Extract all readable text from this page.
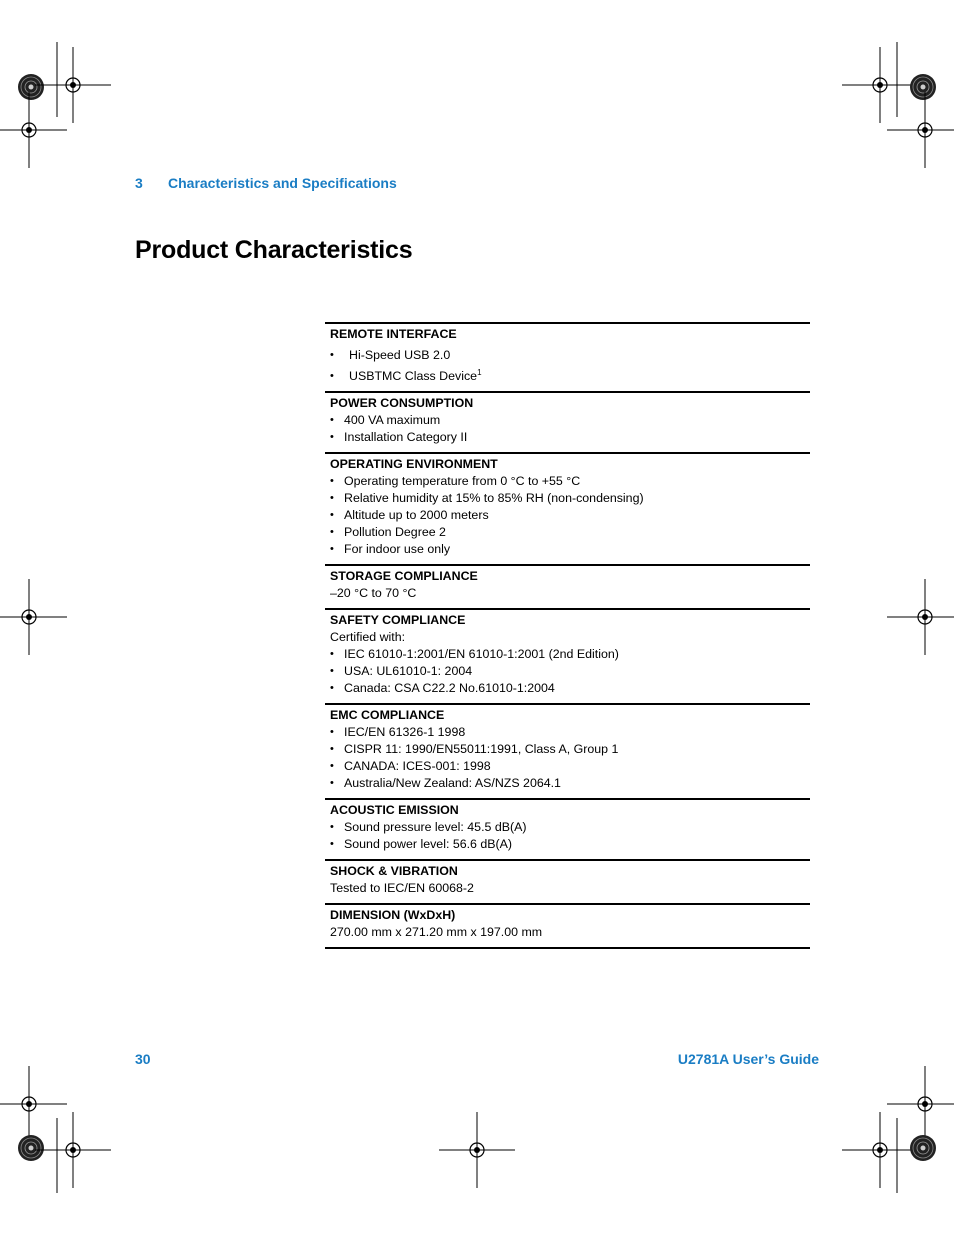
3 Characteristics and Specifications
Product Characteristics
REMOTE INTERFACE
• Hi-Speed USB 2.0
• USBTMC Class Device$^1$
POWER CONSUMPTION
• 400 VA maximum
• Installation Category II
OPERATING ENVIRONMENT
• Operating temperature from 0 °C to +55 °C
• Relative humidity at 15% to 85% RH (non-condensing)
• Altitude up to 2000 meters
• Pollution Degree 2
• For indoor use only
STORAGE COMPLIANCE
–20 °C to 70 °C
SAFETY COMPLIANCE
Certified with:
• IEC 61010-1:2001/EN 61010-1:2001 (2nd Edition)
• USA: UL61010-1: 2004
• Canada: CSA C22.2 No.61010-1:2004
EMC COMPLIANCE
• IEC/EN 61326-1 1998
• CISPR 11: 1990/EN55011:1991, Class A, Group 1
• CANADA: ICES-001: 1998
• Australia/New Zealand: AS/NZS 2064.1
ACOUSTIC EMISSION
• Sound pressure level: 45.5 dB(A)
• Sound power level: 56.6 dB(A)
SHOCK & VIBRATION
Tested to IEC/EN 60068-2
DIMENSION (WxDxH)
270.00 mm x 271.20 mm x 197.00 mm
30	U2781A User’s Guide
